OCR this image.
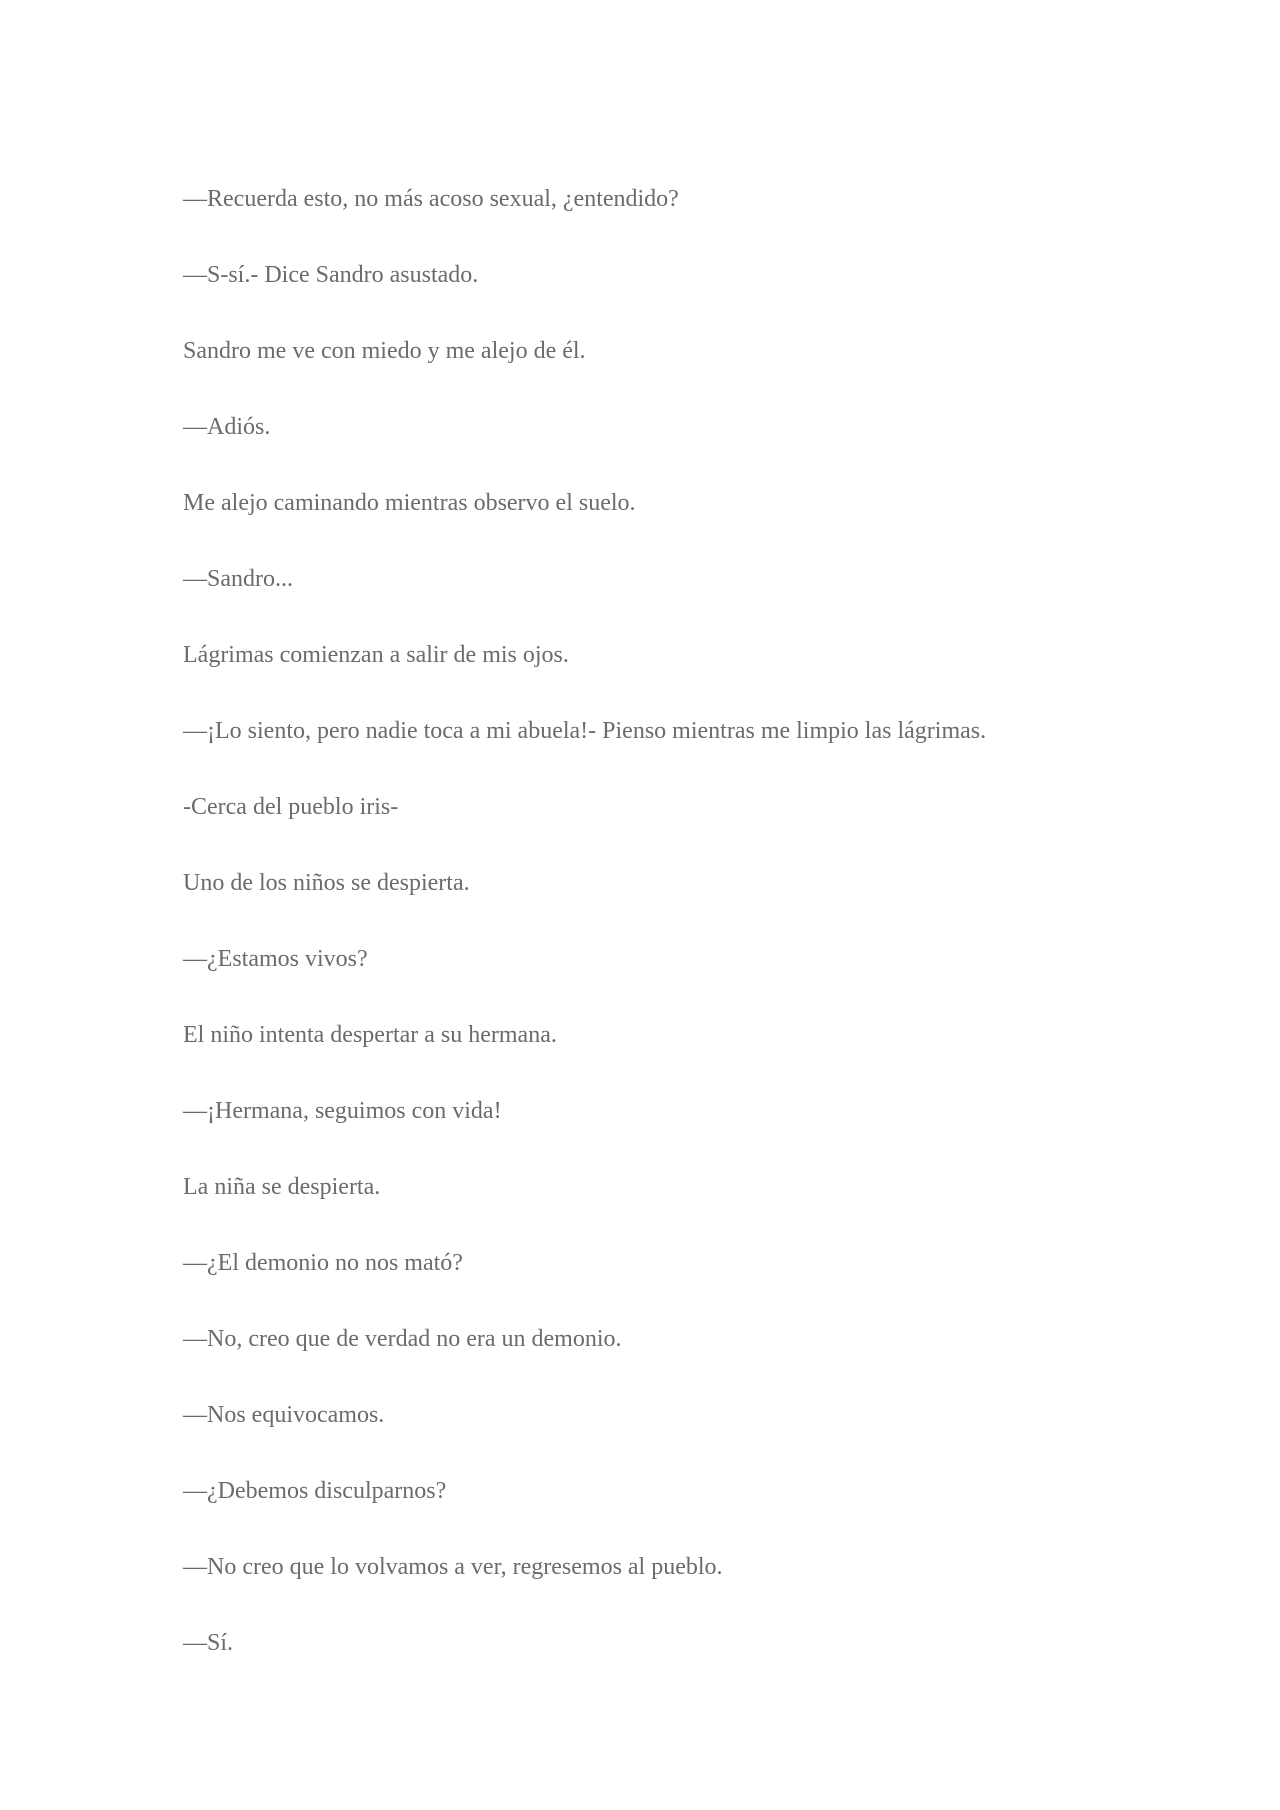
—Recuerda esto, no más acoso sexual, ¿entendido?

—S-sí.- Dice Sandro asustado.

Sandro me ve con miedo y me alejo de él.

—Adiós.

Me alejo caminando mientras observo el suelo.

—Sandro...

Lágrimas comienzan a salir de mis ojos.

—¡Lo siento, pero nadie toca a mi abuela!- Pienso mientras me limpio las lágrimas.

-Cerca del pueblo iris-

Uno de los niños se despierta.

—¿Estamos vivos?

El niño intenta despertar a su hermana.

—¡Hermana, seguimos con vida!

La niña se despierta.

—¿El demonio no nos mató?

—No, creo que de verdad no era un demonio.

—Nos equivocamos.

—¿Debemos disculparnos?

—No creo que lo volvamos a ver, regresemos al pueblo.

—Sí.
